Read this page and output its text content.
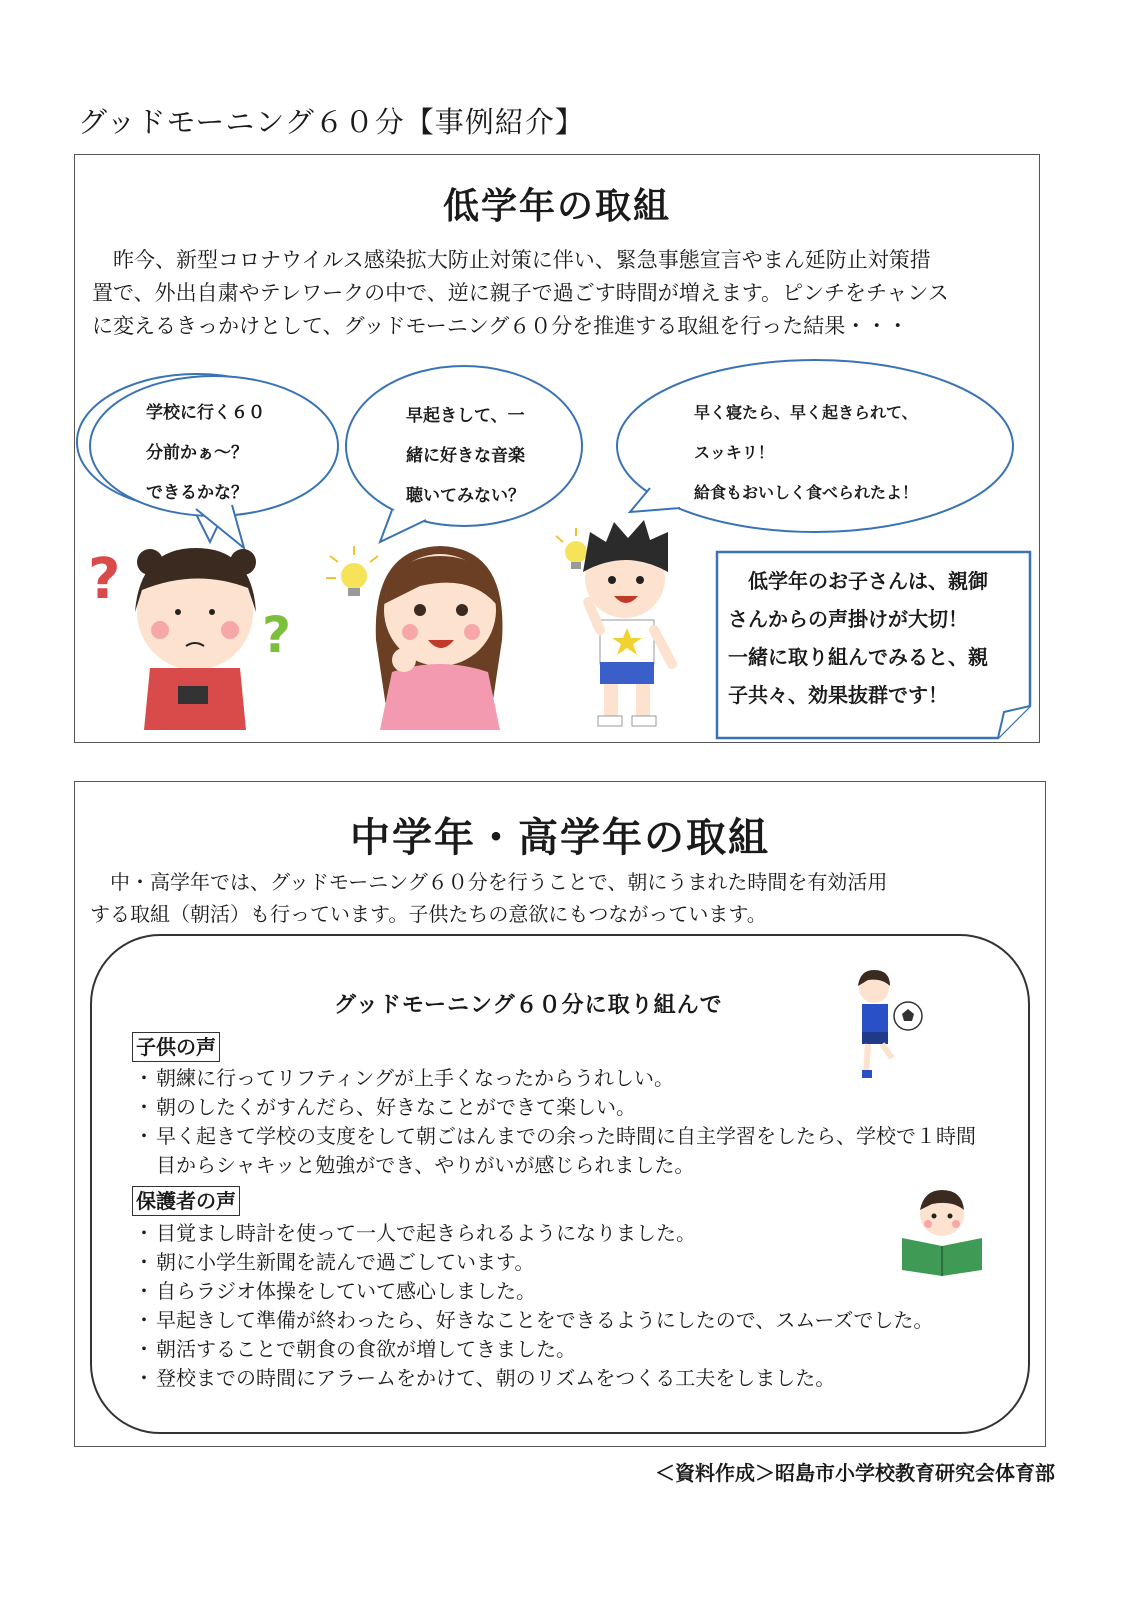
グッドモーニング６０分【事例紹介】
低学年の取組
　昨今、新型コロナウイルス感染拡大防止対策に伴い、緊急事態宣言やまん延防止対策措
置で、外出自粛やテレワークの中で、逆に親子で過ごす時間が増えます。ピンチをチャンス
に変えるきっかけとして、グッドモーニング６０分を推進する取組を行った結果・・・
?
?
学校に行く６０
分前かぁ～？
できるかな？
早起きして、一
緒に好きな音楽
聴いてみない？
早く寝たら、早く起きられて、
スッキリ！
給食もおいしく食べられたよ！
　低学年のお子さんは、親御
さんからの声掛けが大切！
一緒に取り組んでみると、親
子共々、効果抜群です！
中学年・高学年の取組
　中・高学年では、グッドモーニング６０分を行うことで、朝にうまれた時間を有効活用
する取組（朝活）も行っています。子供たちの意欲にもつながっています。
グッドモーニング６０分に取り組んで
子供の声
・ 朝練に行ってリフティングが上手くなったからうれしい。
・ 朝のしたくがすんだら、好きなことができて楽しい。
・ 早く起きて学校の支度をして朝ごはんまでの余った時間に自主学習をしたら、学校で１時間目からシャキッと勉強ができ、やりがいが感じられました。
保護者の声
・ 目覚まし時計を使って一人で起きられるようになりました。
・ 朝に小学生新聞を読んで過ごしています。
・ 自らラジオ体操をしていて感心しました。
・ 早起きして準備が終わったら、好きなことをできるようにしたので、スムーズでした。
・ 朝活することで朝食の食欲が増してきました。
・ 登校までの時間にアラームをかけて、朝のリズムをつくる工夫をしました。
＜資料作成＞昭島市小学校教育研究会体育部
